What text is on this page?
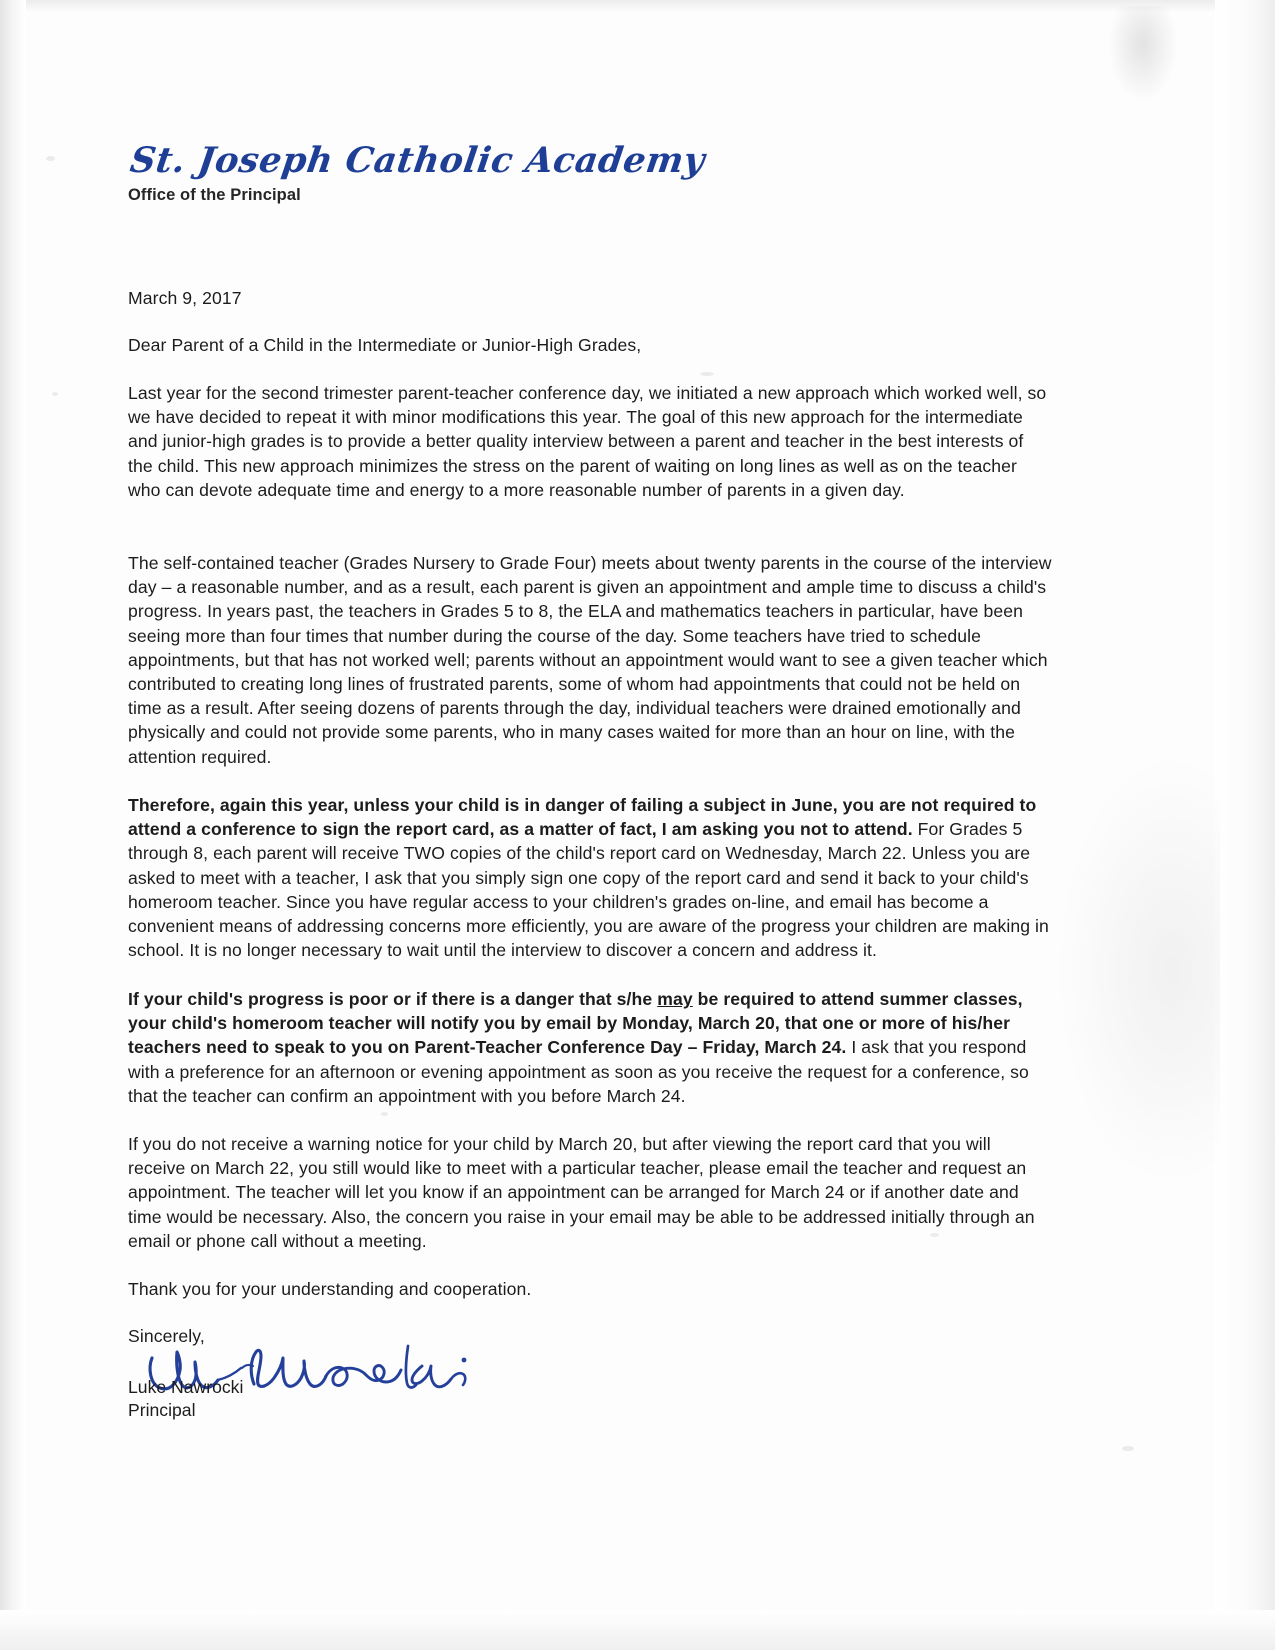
St. Joseph Catholic Academy
Office of the Principal
March 9, 2017
Dear Parent of a Child in the Intermediate or Junior-High Grades,
Last year for the second trimester parent-teacher conference day, we initiated a new approach which worked well, so we have decided to repeat it with minor modifications this year. The goal of this new approach for the intermediate and junior-high grades is to provide a better quality interview between a parent and teacher in the best interests of the child. This new approach minimizes the stress on the parent of waiting on long lines as well as on the teacher who can devote adequate time and energy to a more reasonable number of parents in a given day.
The self-contained teacher (Grades Nursery to Grade Four) meets about twenty parents in the course of the interview day – a reasonable number, and as a result, each parent is given an appointment and ample time to discuss a child's progress. In years past, the teachers in Grades 5 to 8, the ELA and mathematics teachers in particular, have been seeing more than four times that number during the course of the day. Some teachers have tried to schedule appointments, but that has not worked well; parents without an appointment would want to see a given teacher which contributed to creating long lines of frustrated parents, some of whom had appointments that could not be held on time as a result. After seeing dozens of parents through the day, individual teachers were drained emotionally and physically and could not provide some parents, who in many cases waited for more than an hour on line, with the attention required.
Therefore, again this year, unless your child is in danger of failing a subject in June, you are not required to attend a conference to sign the report card, as a matter of fact, I am asking you not to attend. For Grades 5 through 8, each parent will receive TWO copies of the child's report card on Wednesday, March 22. Unless you are asked to meet with a teacher, I ask that you simply sign one copy of the report card and send it back to your child's homeroom teacher. Since you have regular access to your children's grades on-line, and email has become a convenient means of addressing concerns more efficiently, you are aware of the progress your children are making in school. It is no longer necessary to wait until the interview to discover a concern and address it.
If your child's progress is poor or if there is a danger that s/he may be required to attend summer classes, your child's homeroom teacher will notify you by email by Monday, March 20, that one or more of his/her teachers need to speak to you on Parent-Teacher Conference Day – Friday, March 24. I ask that you respond with a preference for an afternoon or evening appointment as soon as you receive the request for a conference, so that the teacher can confirm an appointment with you before March 24.
If you do not receive a warning notice for your child by March 20, but after viewing the report card that you will receive on March 22, you still would like to meet with a particular teacher, please email the teacher and request an appointment. The teacher will let you know if an appointment can be arranged for March 24 or if another date and time would be necessary. Also, the concern you raise in your email may be able to be addressed initially through an email or phone call without a meeting.
Thank you for your understanding and cooperation.
Sincerely,
Luke Nawrocki
Principal
